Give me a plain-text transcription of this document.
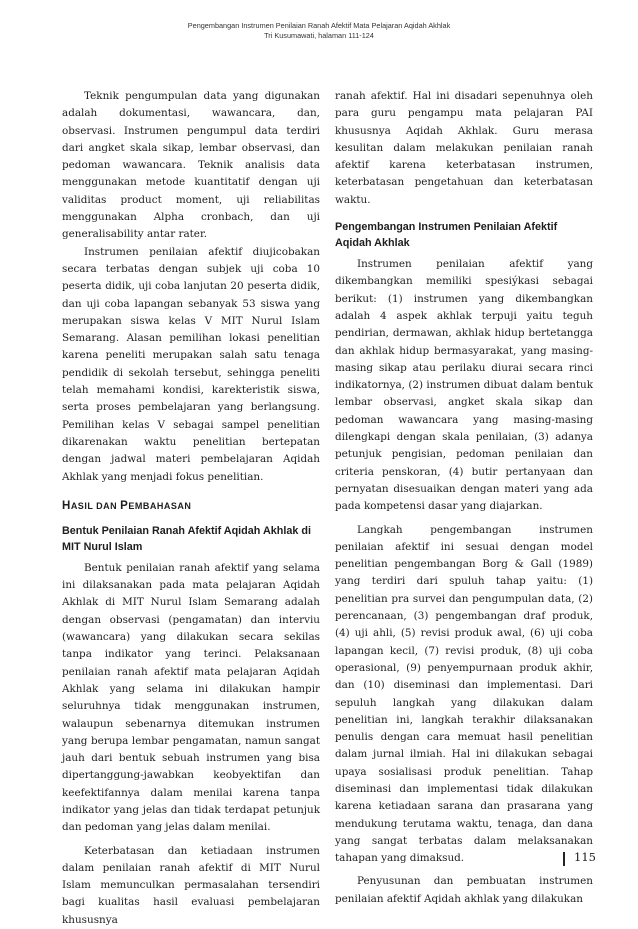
Pengembangan Instrumen Penilaian Ranah Afektif Mata Pelajaran Aqidah Akhlak
Tri Kusumawati, halaman 111-124

Teknik pengumpulan data yang digunakan adalah dokumentasi, wawancara, dan, observasi. Instrumen pengumpul data terdiri dari angket skala sikap, lembar observasi, dan pedoman wawancara. Teknik analisis data menggunakan metode kuantitatif dengan uji validitas product moment, uji reliabilitas menggunakan Alpha cronbach, dan uji generalisability antar rater.

Instrumen penilaian afektif diujicobakan secara terbatas dengan subjek uji coba 10 peserta didik, uji coba lanjutan 20 peserta didik, dan uji coba lapangan sebanyak 53 siswa yang merupakan siswa kelas V MIT Nurul Islam Semarang. Alasan pemilihan lokasi penelitian karena peneliti merupakan salah satu tenaga pendidik di sekolah tersebut, sehingga peneliti telah memahami kondisi, karekteristik siswa, serta proses pembelajaran yang berlangsung. Pemilihan kelas V sebagai sampel penelitian dikarenakan waktu penelitian bertepatan dengan jadwal materi pembelajaran Aqidah Akhlak yang menjadi fokus penelitian.

HASIL DAN PEMBAHASAN
Bentuk Penilaian Ranah Afektif Aqidah Akhlak di MIT Nurul Islam

Bentuk penilaian ranah afektif yang selama ini dilaksanakan pada mata pelajaran Aqidah Akhlak di MIT Nurul Islam Semarang adalah dengan observasi (pengamatan) dan interviu (wawancara) yang dilakukan secara sekilas tanpa indikator yang terinci. Pelaksanaan penilaian ranah afektif mata pelajaran Aqidah Akhlak yang selama ini dilakukan hampir seluruhnya tidak menggunakan instrumen, walaupun sebenarnya ditemukan instrumen yang berupa lembar pengamatan, namun sangat jauh dari bentuk sebuah instrumen yang bisa dipertanggung-jawabkan keobyektifan dan keefektifannya dalam menilai karena tanpa indikator yang jelas dan tidak terdapat petunjuk dan pedoman yang jelas dalam menilai.

Keterbatasan dan ketiadaan instrumen dalam penilaian ranah afektif di MIT Nurul Islam memunculkan permasalahan tersendiri bagi kualitas hasil evaluasi pembelajaran khususnya

ranah afektif. Hal ini disadari sepenuhnya oleh para guru pengampu mata pelajaran PAI khususnya Aqidah Akhlak. Guru merasa kesulitan dalam melakukan penilaian ranah afektif karena keterbatasan instrumen, keterbatasan pengetahuan dan keterbatasan waktu.

Pengembangan Instrumen Penilaian Afektif Aqidah Akhlak

Instrumen penilaian afektif yang dikembangkan memiliki spesiýkasi sebagai berikut: (1) instrumen yang dikembangkan adalah 4 aspek akhlak terpuji yaitu teguh pendirian, dermawan, akhlak hidup bertetangga dan akhlak hidup bermasyarakat, yang masing-masing sikap atau perilaku diurai secara rinci indikatornya, (2) instrumen dibuat dalam bentuk lembar observasi, angket skala sikap dan pedoman wawancara yang masing-masing dilengkapi dengan skala penilaian, (3) adanya petunjuk pengisian, pedoman penilaian dan criteria penskoran, (4) butir pertanyaan dan pernyatan disesuaikan dengan materi yang ada pada kompetensi dasar yang diajarkan.

Langkah pengembangan instrumen penilaian afektif ini sesuai dengan model penelitian pengembangan Borg & Gall (1989) yang terdiri dari spuluh tahap yaitu: (1) penelitian pra survei dan pengumpulan data, (2) perencanaan, (3) pengembangan draf produk, (4) uji ahli, (5) revisi produk awal, (6) uji coba lapangan kecil, (7) revisi produk, (8) uji coba operasional, (9) penyempurnaan produk akhir, dan (10) diseminasi dan implementasi. Dari sepuluh langkah yang dilakukan dalam penelitian ini, langkah terakhir dilaksanakan penulis dengan cara memuat hasil penelitian dalam jurnal ilmiah. Hal ini dilakukan sebagai upaya sosialisasi produk penelitian. Tahap diseminasi dan implementasi tidak dilakukan karena ketiadaan sarana dan prasarana yang mendukung terutama waktu, tenaga, dan dana yang sangat terbatas dalam melaksanakan tahapan yang dimaksud.

Penyusunan dan pembuatan instrumen penilaian afektif Aqidah akhlak yang dilakukan

115
